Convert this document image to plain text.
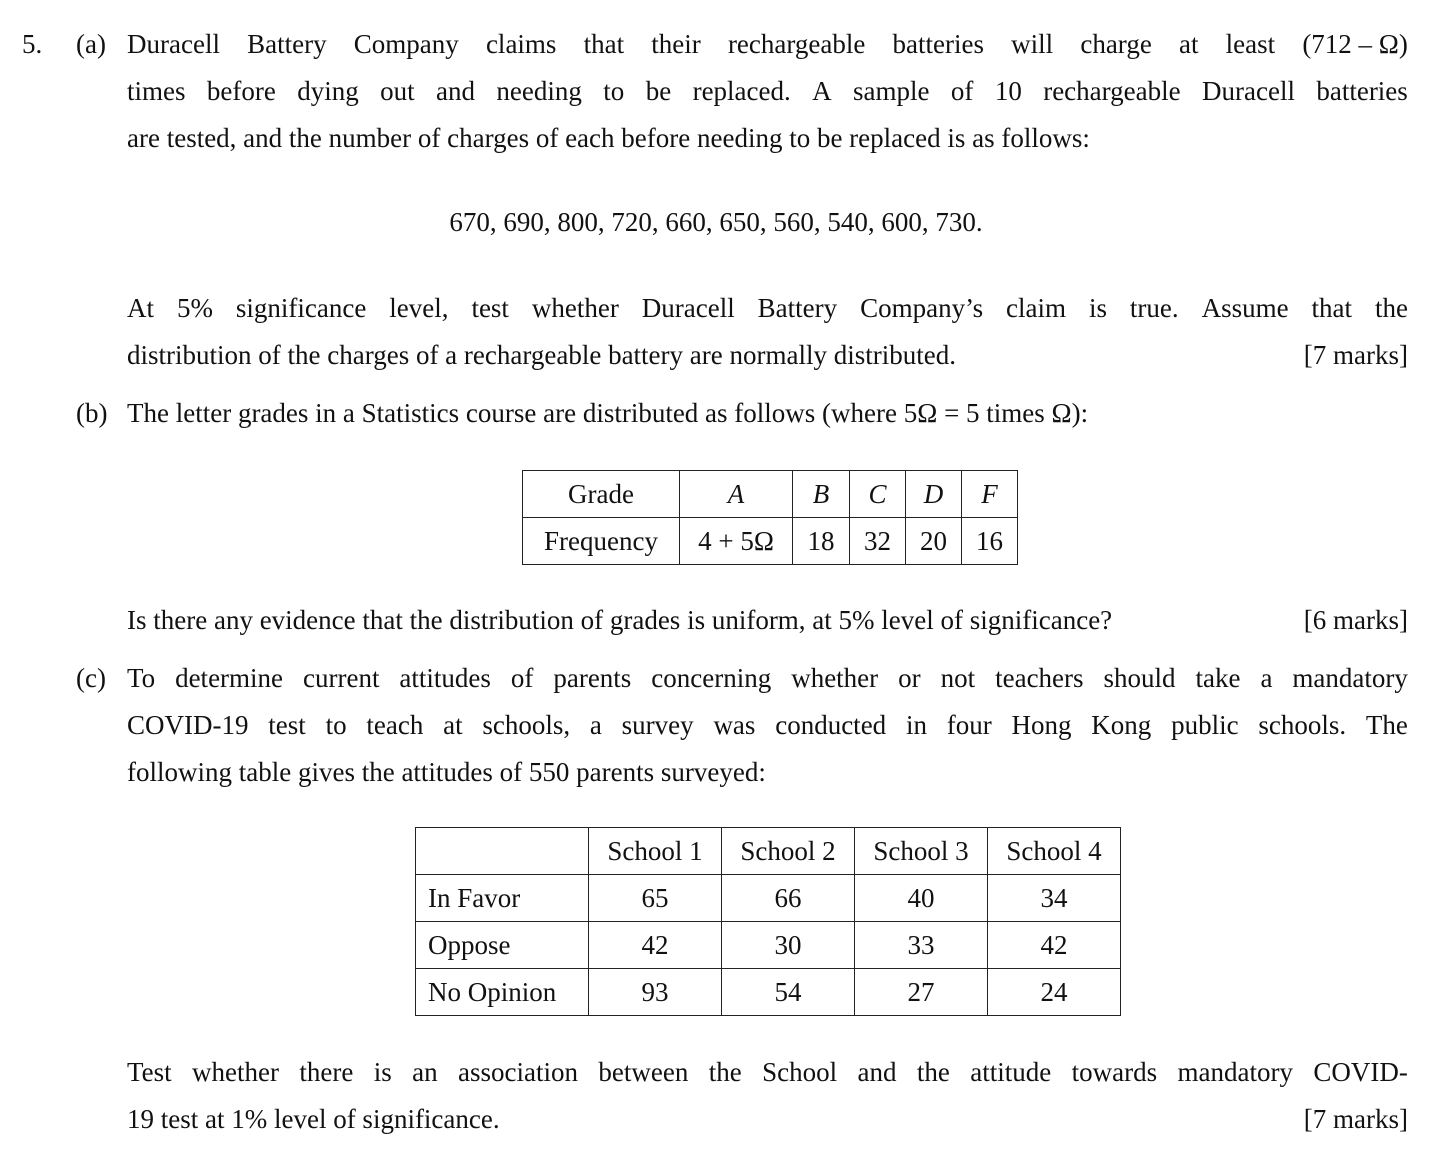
5. (a) Duracell Battery Company claims that their rechargeable batteries will charge at least (712 – Ω)
times before dying out and needing to be replaced. A sample of 10 rechargeable Duracell batteries
are tested, and the number of charges of each before needing to be replaced is as follows:
670, 690, 800, 720, 660, 650, 560, 540, 600, 730.
At 5% significance level, test whether Duracell Battery Company’s claim is true. Assume that the
distribution of the charges of a rechargeable battery are normally distributed.	[7 marks]
(b) The letter grades in a Statistics course are distributed as follows (where 5Ω = 5 times Ω):
Grade	A	B	C	D	F
Frequency	4 + 5Ω	18	32	20	16
Is there any evidence that the distribution of grades is uniform, at 5% level of significance?	[6 marks]
(c) To determine current attitudes of parents concerning whether or not teachers should take a mandatory
COVID-19 test to teach at schools, a survey was conducted in four Hong Kong public schools. The
following table gives the attitudes of 550 parents surveyed:
	School 1	School 2	School 3	School 4
In Favor	65	66	40	34
Oppose	42	30	33	42
No Opinion	93	54	27	24
Test whether there is an association between the School and the attitude towards mandatory COVID-
19 test at 1% level of significance.	[7 marks]
